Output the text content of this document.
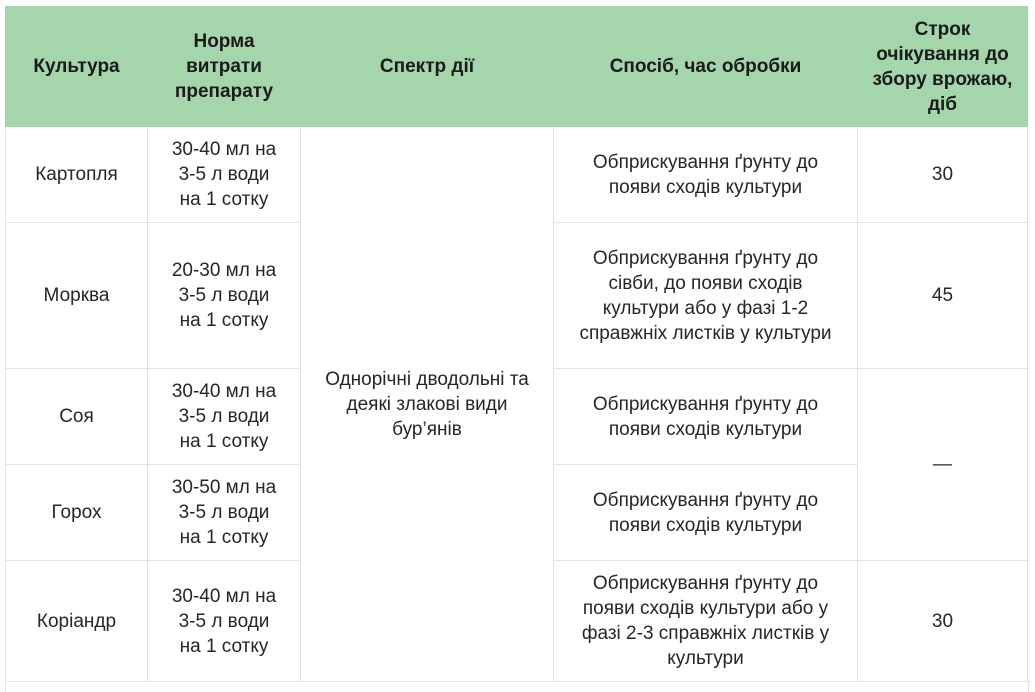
Культура	Норма витрати препарату	Спектр дії	Спосіб, час обробки	Строк очікування до збору врожаю, діб
Картопля	30-40 мл на 3-5 л води на 1 сотку	Однорічні дводольні та деякі злакові види бур’янів	Обприскування ґрунту до появи сходів культури	30
Морква	20-30 мл на 3-5 л води на 1 сотку		Обприскування ґрунту до сівби, до появи сходів культури або у фазі 1-2 справжніх листків у культури	45
Соя	30-40 мл на 3-5 л води на 1 сотку		Обприскування ґрунту до появи сходів культури	—
Горох	30-50 мл на 3-5 л води на 1 сотку		Обприскування ґрунту до появи сходів культури	
Коріандр	30-40 мл на 3-5 л води на 1 сотку		Обприскування ґрунту до появи сходів культури або у фазі 2-3 справжніх листків у культури	30
